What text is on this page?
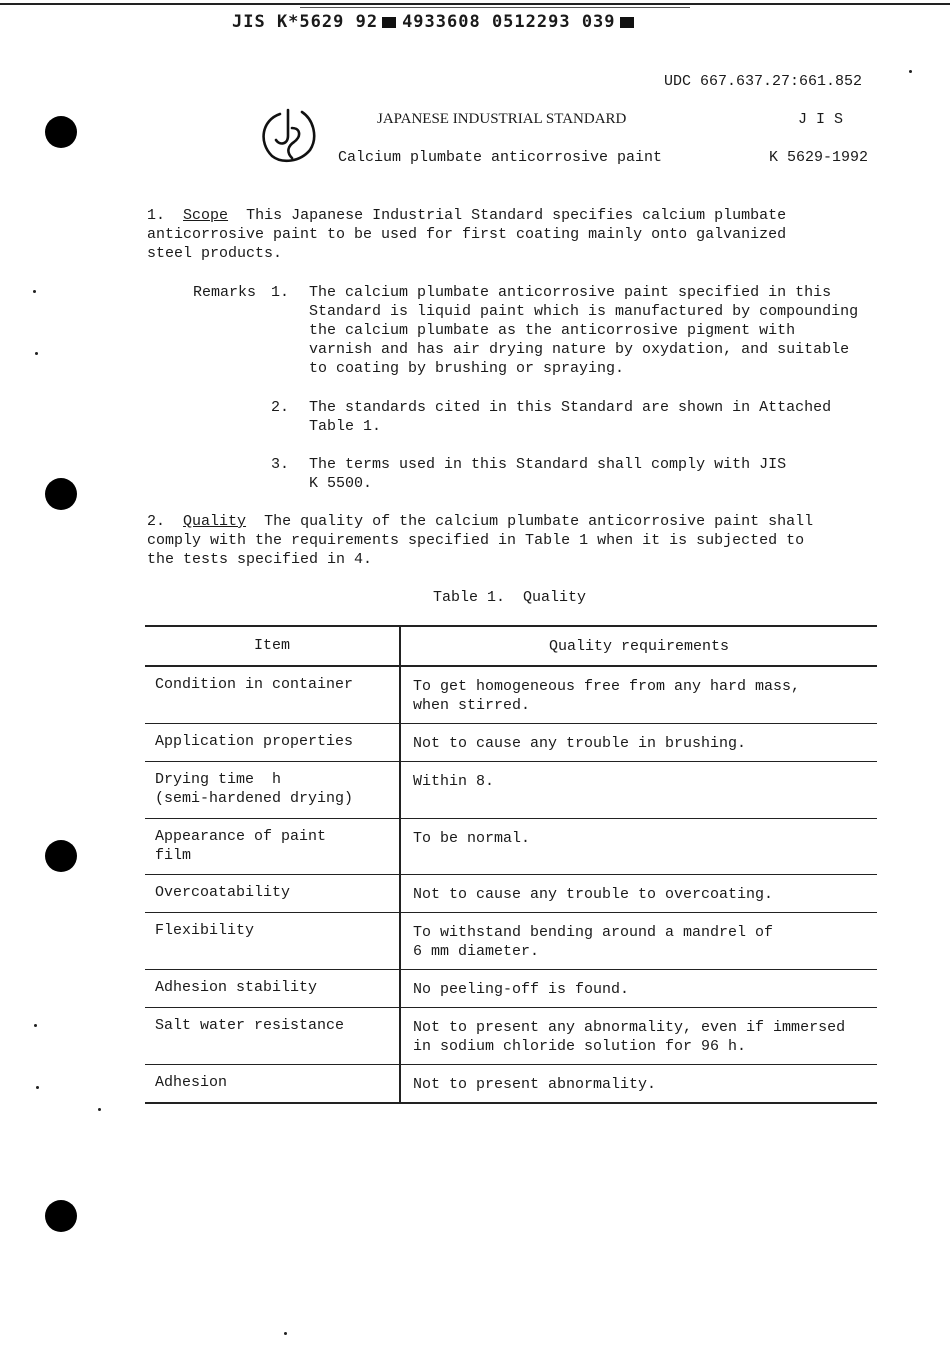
JIS K*5629 92 4933608 0512293 039
UDC 667.637.27:661.852
JAPANESE INDUSTRIAL STANDARD	J I S
Calcium plumbate anticorrosive paint	K 5629-1992
1. Scope This Japanese Industrial Standard specifies calcium plumbate
anticorrosive paint to be used for first coating mainly onto galvanized
steel products.
Remarks 1. The calcium plumbate anticorrosive paint specified in this
Standard is liquid paint which is manufactured by compounding
the calcium plumbate as the anticorrosive pigment with
varnish and has air drying nature by oxydation, and suitable
to coating by brushing or spraying.
2. The standards cited in this Standard are shown in Attached
Table 1.
3. The terms used in this Standard shall comply with JIS
K 5500.
2. Quality The quality of the calcium plumbate anticorrosive paint shall
comply with the requirements specified in Table 1 when it is subjected to
the tests specified in 4.
Table 1.  Quality
Item	Quality requirements
Condition in container	To get homogeneous free from any hard mass,
when stirred.
Application properties	Not to cause any trouble in brushing.
Drying time  h
(semi-hardened drying)	Within 8.
Appearance of paint
film	To be normal.
Overcoatability	Not to cause any trouble to overcoating.
Flexibility	To withstand bending around a mandrel of
6 mm diameter.
Adhesion stability	No peeling-off is found.
Salt water resistance	Not to present any abnormality, even if immersed
in sodium chloride solution for 96 h.
Adhesion	Not to present abnormality.
